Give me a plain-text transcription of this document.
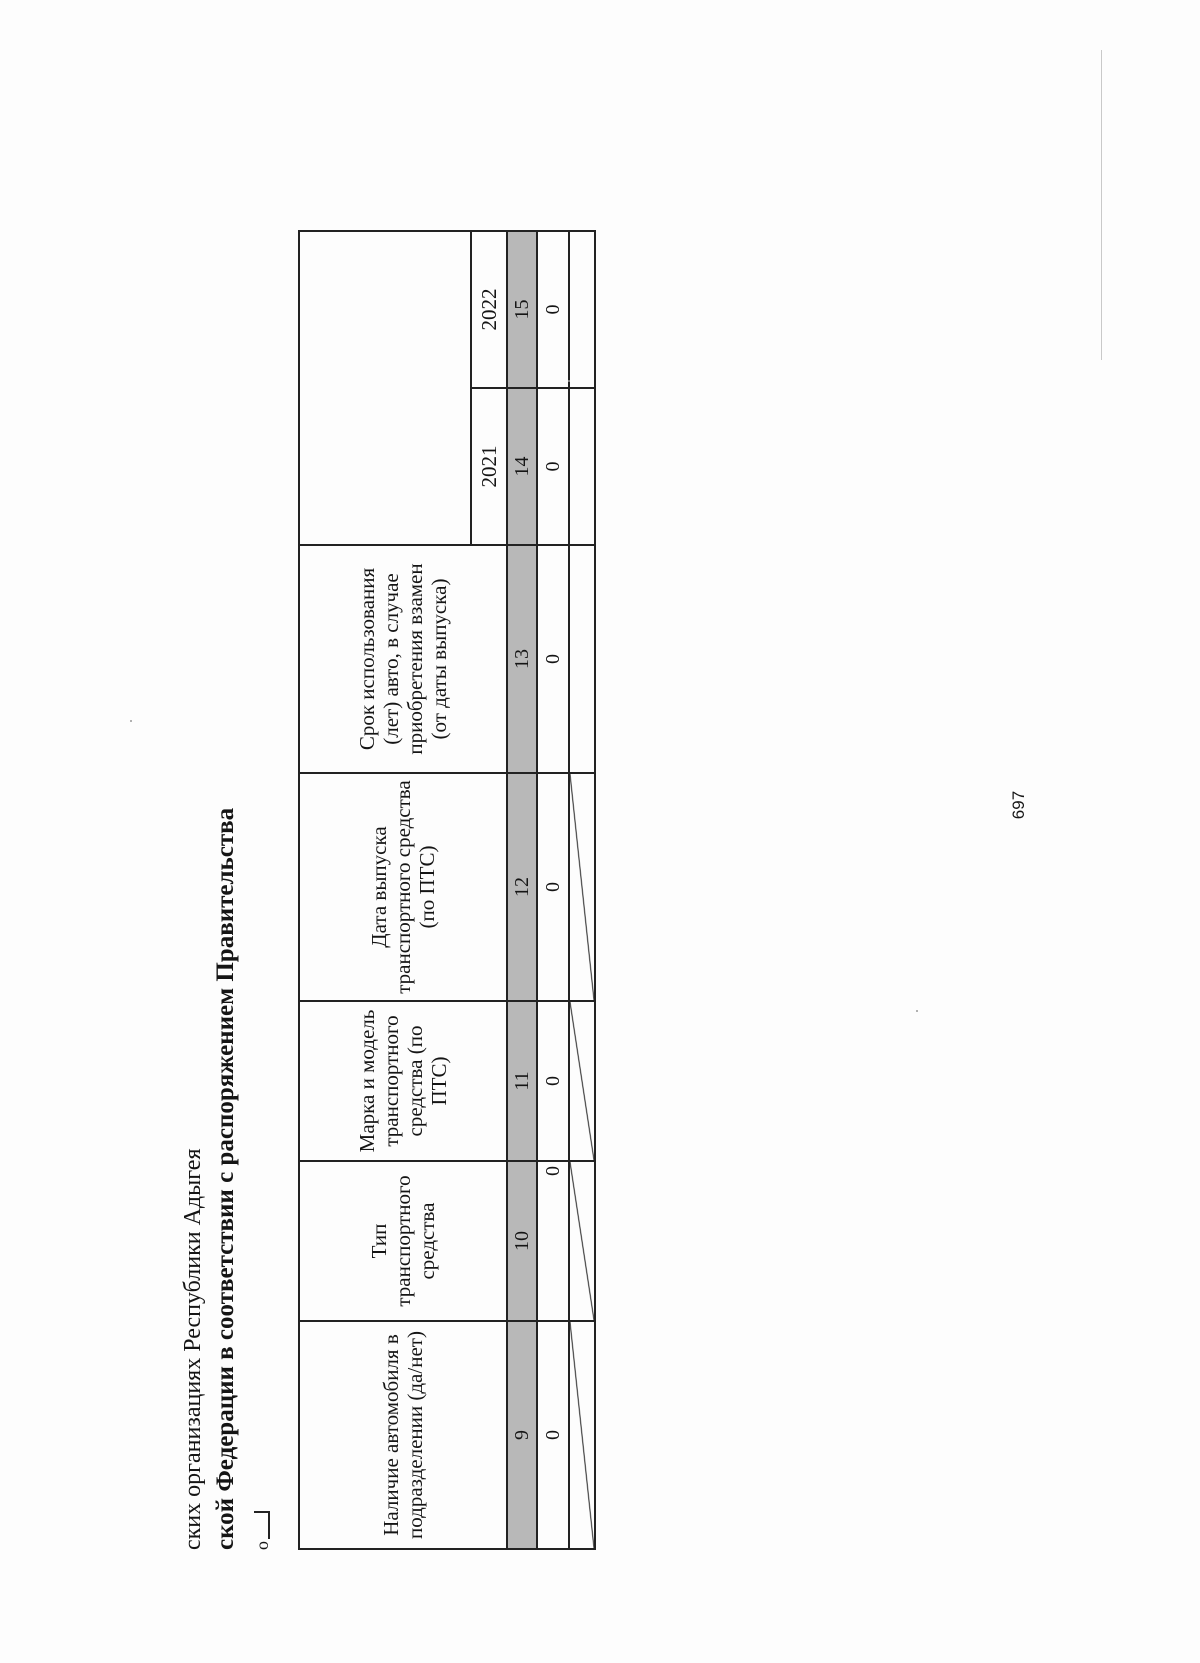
ских организациях Республики Адыгея ской Федерации в соответствии с распоряжением Правительства о
Наличие автомобиля в подразделении (да/нет)	Тип транспортного средства	Марка и модель транспортного средства (по ПТС)	Дата выпуска транспортного средства (по ПТС)	Срок использования (лет) авто, в случае приобретения взамен (от даты выпуска)		
					2021	2022
9	10	11	12	13	14	15
0	0	0	0	0	0	0

697
